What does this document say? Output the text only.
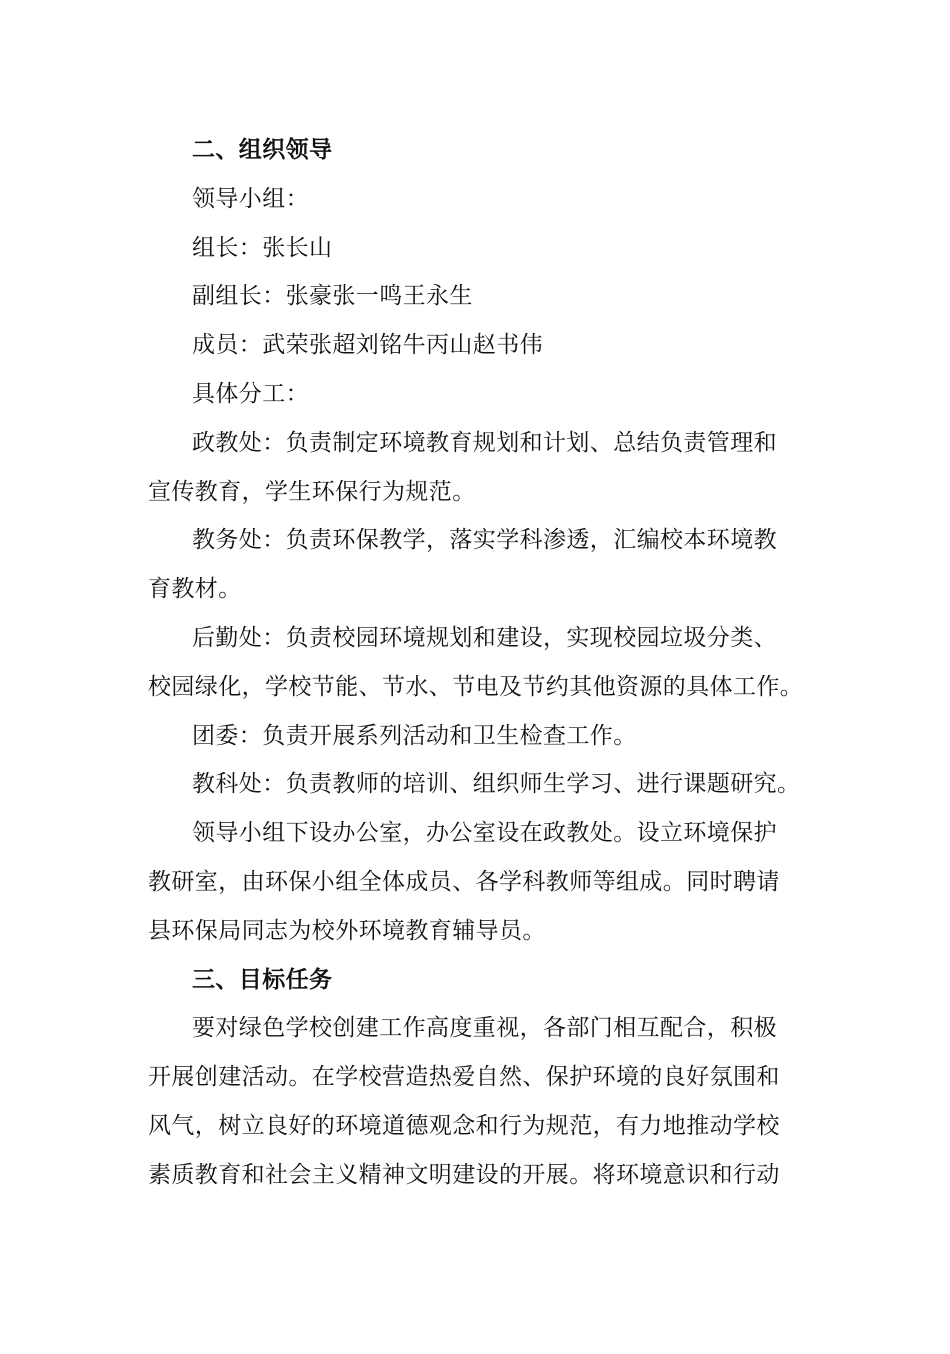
二、组织领导
领导小组：
组长：张长山
副组长：张豪张一鸣王永生
成员：武荣张超刘铭牛丙山赵书伟
具体分工：
政教处：负责制定环境教育规划和计划、总结负责管理和
宣传教育，学生环保行为规范。
教务处：负责环保教学，落实学科渗透，汇编校本环境教
育教材。
后勤处：负责校园环境规划和建设，实现校园垃圾分类、
校园绿化，学校节能、节水、节电及节约其他资源的具体工作。
团委：负责开展系列活动和卫生检查工作。
教科处：负责教师的培训、组织师生学习、进行课题研究。
领导小组下设办公室，办公室设在政教处。设立环境保护
教研室，由环保小组全体成员、各学科教师等组成。同时聘请
县环保局同志为校外环境教育辅导员。
三、目标任务
要对绿色学校创建工作高度重视，各部门相互配合，积极
开展创建活动。在学校营造热爱自然、保护环境的良好氛围和
风气，树立良好的环境道德观念和行为规范，有力地推动学校
素质教育和社会主义精神文明建设的开展。将环境意识和行动
